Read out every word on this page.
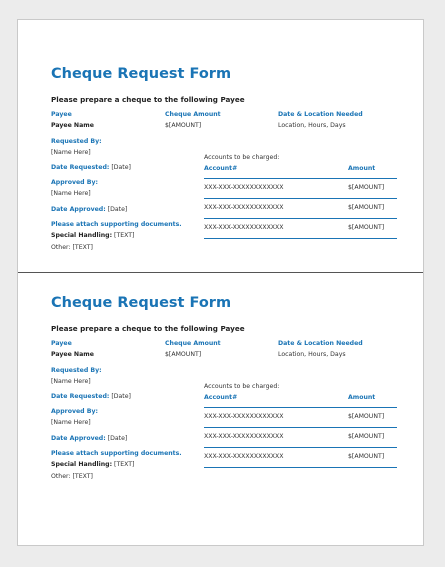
Cheque Request Form
Please prepare a cheque to the following Payee
Payee	Cheque Amount	Date & Location Needed
Payee Name	$[AMOUNT]	Location, Hours, Days
Requested By:
[Name Here]
Date Requested: [Date]
Approved By:
[Name Here]
Date Approved: [Date]
Please attach supporting documents.
Special Handling: [TEXT]
Other: [TEXT]
Accounts to be charged:
Account#	Amount
XXX-XXX-XXXXXXXXXXXX	$[AMOUNT]
XXX-XXX-XXXXXXXXXXXX	$[AMOUNT]
XXX-XXX-XXXXXXXXXXXX	$[AMOUNT]
Cheque Request Form
Please prepare a cheque to the following Payee
Payee	Cheque Amount	Date & Location Needed
Payee Name	$[AMOUNT]	Location, Hours, Days
Requested By:
[Name Here]
Date Requested: [Date]
Approved By:
[Name Here]
Date Approved: [Date]
Please attach supporting documents.
Special Handling: [TEXT]
Other: [TEXT]
Accounts to be charged:
Account#	Amount
XXX-XXX-XXXXXXXXXXXX	$[AMOUNT]
XXX-XXX-XXXXXXXXXXXX	$[AMOUNT]
XXX-XXX-XXXXXXXXXXXX	$[AMOUNT]
